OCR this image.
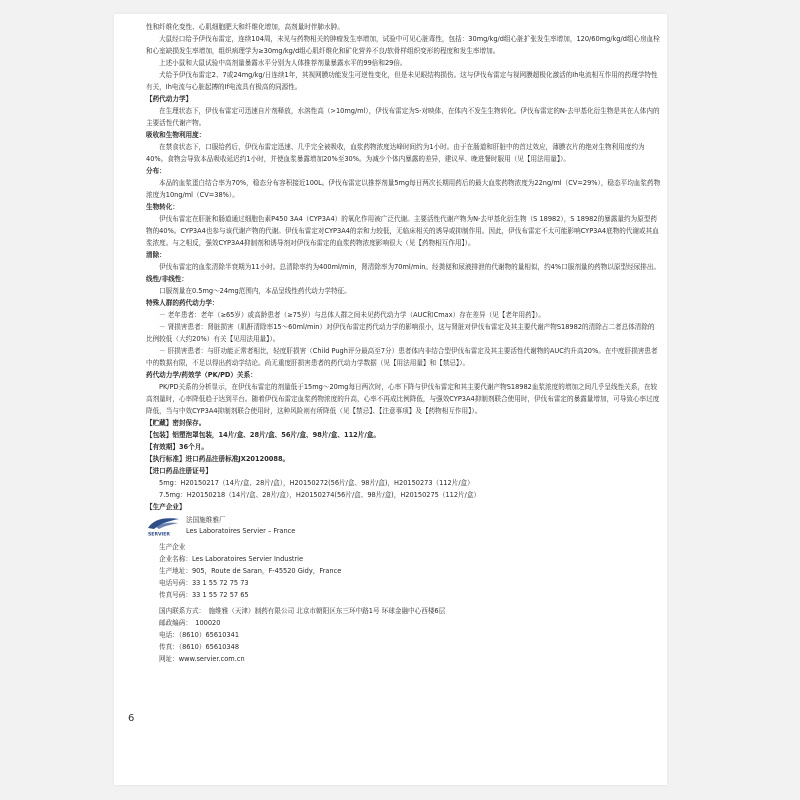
性和纤维化变性、心肌细胞肥大和纤维化增加，高剂量时伴肺水肿。

大鼠经口给予伊伐布雷定，连续104周，未见与药物相关的肿瘤发生率增加，试验中可见心脏毒性，包括：30mg/kg/d组心脏扩张发生率增加，120/60mg/kg/d组心房血栓和心室缺损发生率增加，组织病理学为≥30mg/kg/d组心肌纤维化和矿化营养不良/软骨样组织变形的程度和发生率增加。

上述小鼠和大鼠试验中高剂量暴露水平分别为人体推荐剂量暴露水平的99倍和29倍。

犬给予伊伐布雷定2、7或24mg/kg/日连续1年，其视网膜功能发生可逆性变化，但是未见眼结构损伤。这与伊伐布雷定与视网膜超极化激活的Ih电流相互作用的药理学特性有关，Ih电流与心脏起搏的If电流具有极高的同源性。

【药代动力学】

在生理状态下，伊伐布雷定可迅速自片剂释放，水溶性高（>10mg/ml），伊伐布雷定为S-对映体，在体内不发生生物转化。伊伐布雷定的N-去甲基化衍生物是其在人体内的主要活性代谢产物。

吸收和生物利用度：

在禁食状态下，口服给药后，伊伐布雷定迅速、几乎完全被吸收，血浆药物浓度达峰时间约为1小时。由于在肠道和肝脏中的首过效应，薄膜衣片的绝对生物利用度约为40%。食物会导致本品吸收延迟约1小时，并使血浆暴露增加20%至30%。为减少个体内暴露的差异，建议早、晚进餐时服用（见【用法用量】）。

分布：

本品的血浆蛋白结合率为70%，稳态分布容积接近100L。伊伐布雷定以推荐剂量5mg每日两次长期用药后的最大血浆药物浓度为22ng/ml（CV=29%），稳态平均血浆药物浓度为10ng/ml（CV=38%）。

生物转化：

伊伐布雷定在肝脏和肠道通过细胞色素P450 3A4（CYP3A4）的氧化作用被广泛代谢。主要活性代谢产物为N-去甲基化衍生物（S 18982），S 18982的暴露量约为原型药物的40%。CYP3A4也参与该代谢产物的代谢。伊伐布雷定对CYP3A4的亲和力较低，无临床相关的诱导或抑制作用。因此，伊伐布雷定不太可能影响CYP3A4底物的代谢或其血浆浓度。与之相反，强效CYP3A4抑制剂和诱导剂对伊伐布雷定的血浆药物浓度影响很大（见【药物相互作用】）。

清除：

伊伐布雷定的血浆清除半衰期为11小时。总清除率约为400ml/min，肾清除率为70ml/min。经粪便和尿液排泄的代谢物的量相似，约4%口服剂量的药物以原型经尿排出。

线性/非线性：

口服剂量在0.5mg～24mg范围内，本品呈线性药代动力学特征。

特殊人群的药代动力学：

－ 老年患者：老年（≥65岁）或高龄患者（≥75岁）与总体人群之间未见药代动力学（AUC和Cmax）存在差异（见【老年用药】）。

－ 肾损害患者：肾脏损害（肌酐清除率15～60ml/min）对伊伐布雷定药代动力学的影响很小，这与肾脏对伊伐布雷定及其主要代谢产物S18982的清除占二者总体清除的比例较低（大约20%）有关【见用法用量】）。

－ 肝损害患者：与肝功能正常者相比，轻度肝损害（Child Pugh评分最高至7分）患者体内非结合型伊伐布雷定及其主要活性代谢物的AUC约升高20%。在中度肝损害患者中的数据有限，不足以得出药动学结论。尚无重度肝损害患者的药代动力学数据（见【用法用量】和【禁忌】）。

药代动力学/药效学（PK/PD）关系：

PK/PD关系的分析显示，在伊伐布雷定的剂量低于15mg～20mg每日两次时，心率下降与伊伐布雷定和其主要代谢产物S18982血浆浓度的增加之间几乎呈线性关系，在较高剂量时，心率降低趋于达到平台。随着伊伐布雷定血浆药物浓度的升高，心率不再成比例降低，与强效CYP3A4抑制剂联合使用时，伊伐布雷定的暴露量增加，可导致心率过度降低，当与中效CYP3A4抑制剂联合使用时，这种风险则有所降低（见【禁忌】、【注意事项】及【药物相互作用】）。

【贮藏】密封保存。

【包装】铝塑泡罩包装，14片/盒、28片/盒、56片/盒、98片/盒、112片/盒。

【有效期】36个月。

【执行标准】进口药品注册标准JX20120088。

【进口药品注册证号】

5mg：H20150217（14片/盒、28片/盒），H20150272(56片/盒、98片/盒)，H20150273（112片/盒）

7.5mg：H20150218（14片/盒、28片/盒），H20150274(56片/盒、98片/盒)，H20150275（112片/盒）

【生产企业】

SERVIER

法国施维雅厂

Les Laboratoires Servier – France

生产企业

企业名称：Les Laboratoires Servier Industrie

生产地址：905，Route de Saran，F-45520 Gidy，France

电话号码：33 1 55 72 75 73

传真号码：33 1 55 72 57 65

国内联系方式：　施维雅（天津）制药有限公司 北京市朝阳区东三环中路1号 环球金融中心西楼6层

邮政编码：　100020

电话：（8610）65610341

传真：（8610）65610348

网址：www.servier.com.cn

6
